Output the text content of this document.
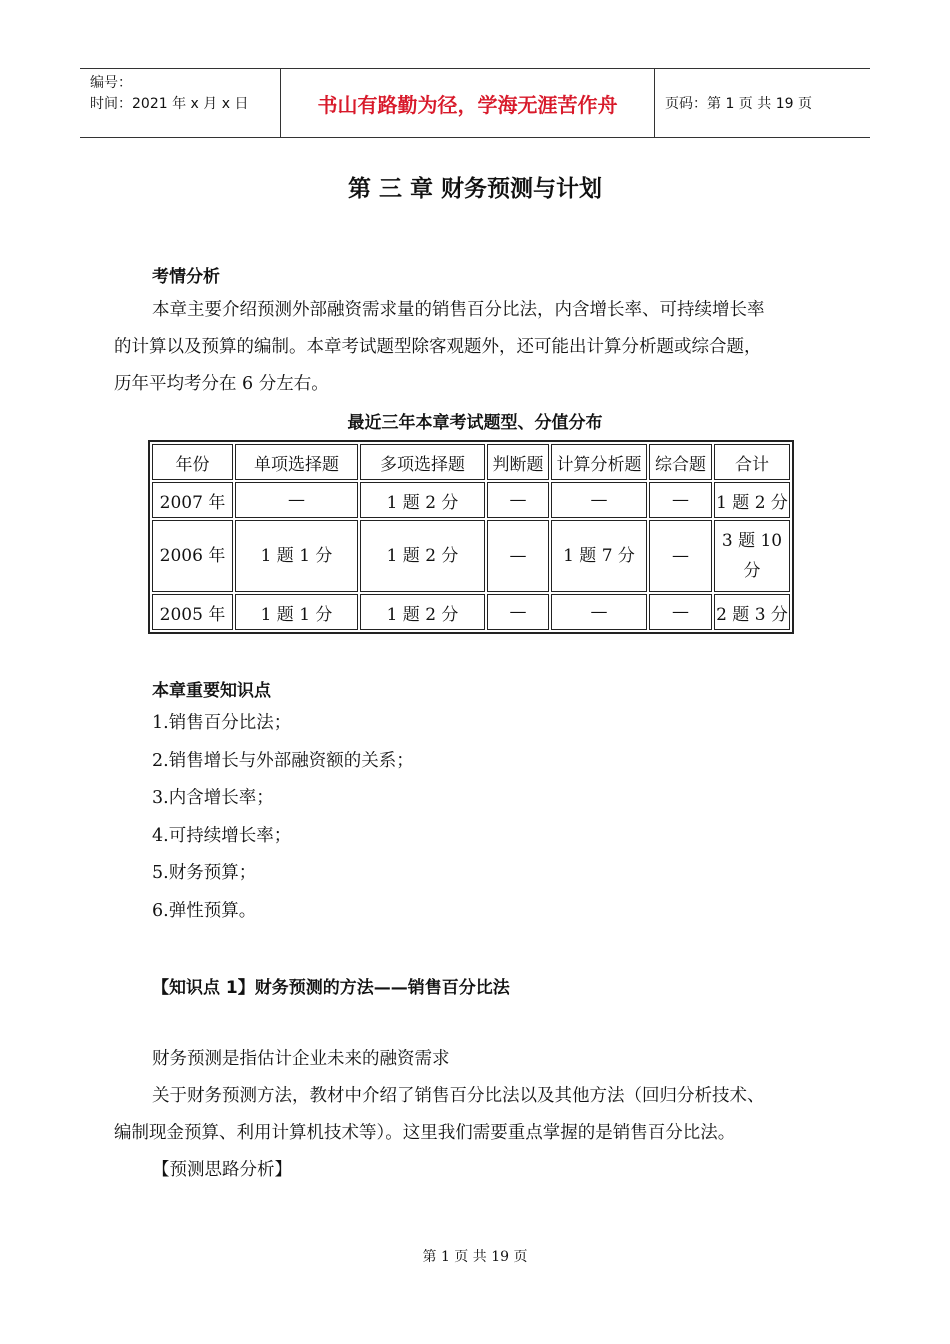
编号：
时间：2021 年 x 月 x 日	书山有路勤为径，学海无涯苦作舟	页码：第 1 页 共 19 页
第 三 章 财务预测与计划
考情分析
本章主要介绍预测外部融资需求量的销售百分比法，内含增长率、可持续增长率
的计算以及预算的编制。本章考试题型除客观题外，还可能出计算分析题或综合题，
历年平均考分在 6 分左右。
最近三年本章考试题型、分值分布
年份	单项选择题	多项选择题	判断题	计算分析题	综合题	合计
2007 年	—	1 题 2 分	—	—	—	1 题 2 分
2006 年	1 题 1 分	1 题 2 分	—	1 题 7 分	—	3 题 10 分
2005 年	1 题 1 分	1 题 2 分	—	—	—	2 题 3 分
本章重要知识点
1.销售百分比法；
2.销售增长与外部融资额的关系；
3.内含增长率；
4.可持续增长率；
5.财务预算；
6.弹性预算。
【知识点 1】财务预测的方法——销售百分比法
财务预测是指估计企业未来的融资需求
关于财务预测方法，教材中介绍了销售百分比法以及其他方法（回归分析技术、
编制现金预算、利用计算机技术等）。这里我们需要重点掌握的是销售百分比法。
【预测思路分析】
第 1 页 共 19 页
